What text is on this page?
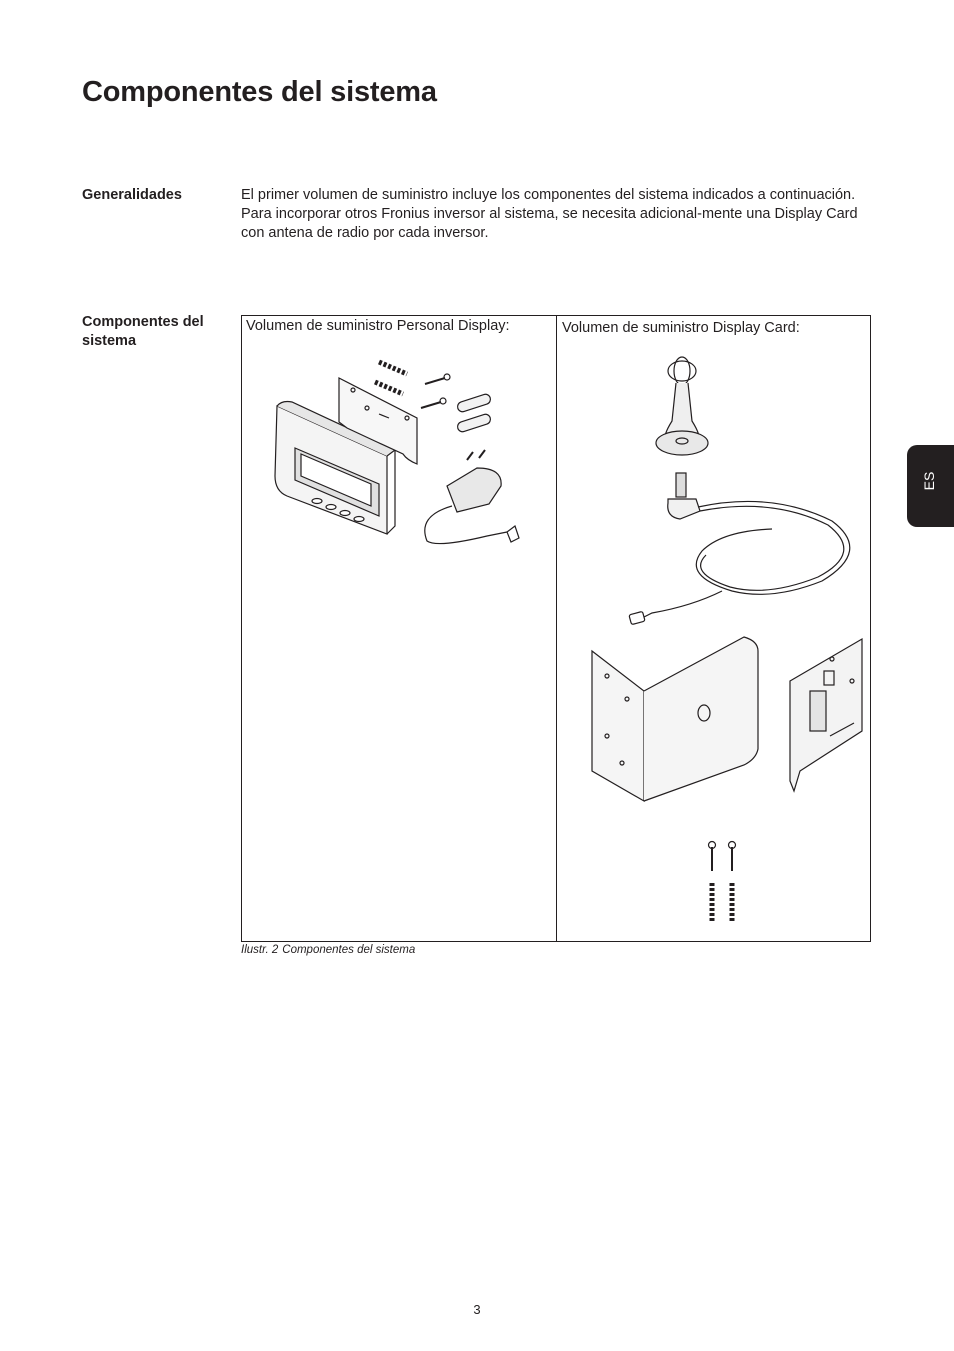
Componentes del sistema
Generalidades	El primer volumen de suministro incluye los componentes del sistema indicados a continuación. Para incorporar otros Fronius inversor al sistema, se necesita adicional-mente una Display Card con antena de radio por cada inversor.
Componentes del sistema
ES
Volumen de suministro Personal Display:	Volumen de suministro Display Card:
Ilustr. 2 Componentes del sistema
3
